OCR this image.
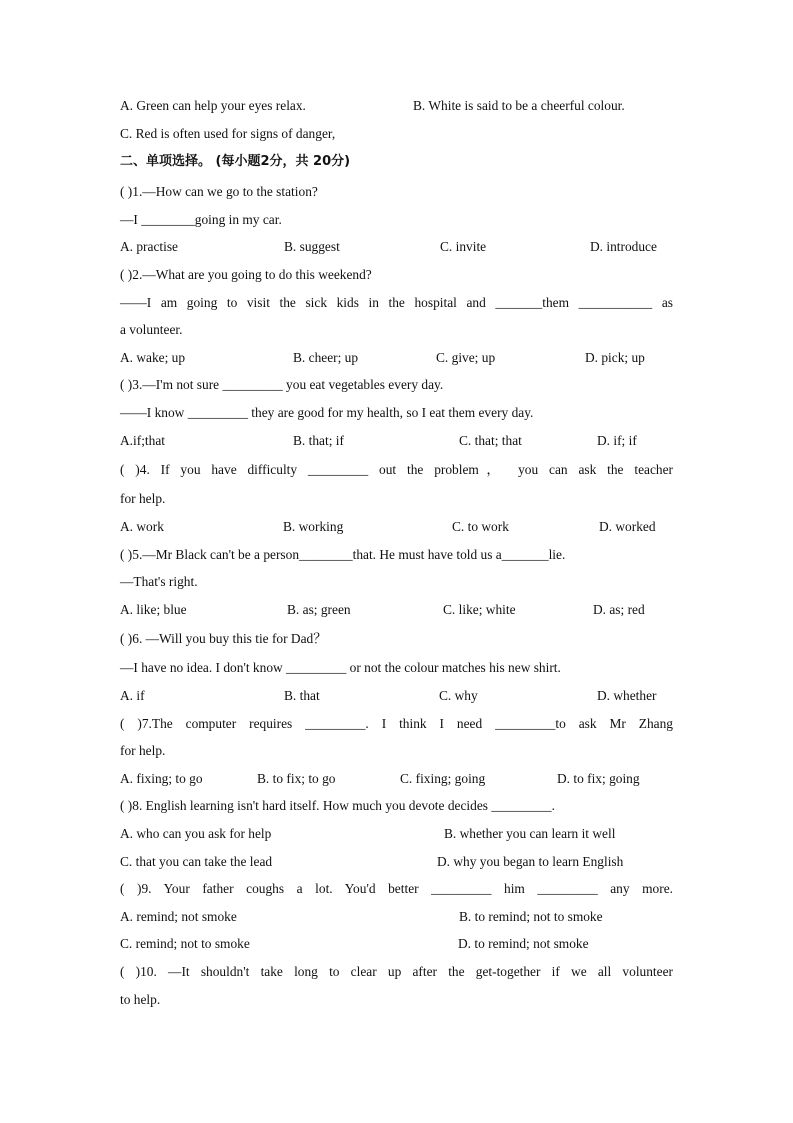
A. Green can help your eyes relax.	B. White is said to be a cheerful colour.
C. Red is often used for signs of danger,
二、单项选择。 (每小题2分，共 20分)
( )1.—How can we go to the station?
—I ________going in my car.
A. practise	B. suggest	C. invite	D. introduce
( )2.—What are you going to do this weekend?
——I am going to visit the sick kids in the hospital and _______them ___________ as
a volunteer.
A. wake; up	B. cheer; up	C. give; up	D. pick; up
( )3.—I'm not sure _________ you eat vegetables every day.
——I know _________ they are good for my health, so I eat them every day.
A.if;that	B. that; if	C. that; that	D. if; if
( )4. If you have difficulty _________ out the problem， you can ask the teacher
for help.
A. work	B. working	C. to work	D. worked
( )5.—Mr Black can't be a person________that. He must have told us a_______lie.
—That's right.
A. like; blue	B. as; green	C. like; white	D. as; red
( )6. —Will you buy this tie for Dad？
—I have no idea. I don't know _________ or not the colour matches his new shirt.
A. if	B. that	C. why	D. whether
( )7.The computer requires _________. I think I need _________to ask Mr Zhang
for help.
A. fixing; to go	B. to fix; to go	C. fixing; going	D. to fix; going
( )8. English learning isn't hard itself. How much you devote decides _________.
A. who can you ask for help	B. whether you can learn it well
C. that you can take the lead	D. why you began to learn English
( )9. Your father coughs a lot. You'd better _________ him _________ any more.
A. remind; not smoke	B. to remind; not to smoke
C. remind; not to smoke	D. to remind; not smoke
( )10. —It shouldn't take long to clear up after the get-together if we all volunteer
to help.
